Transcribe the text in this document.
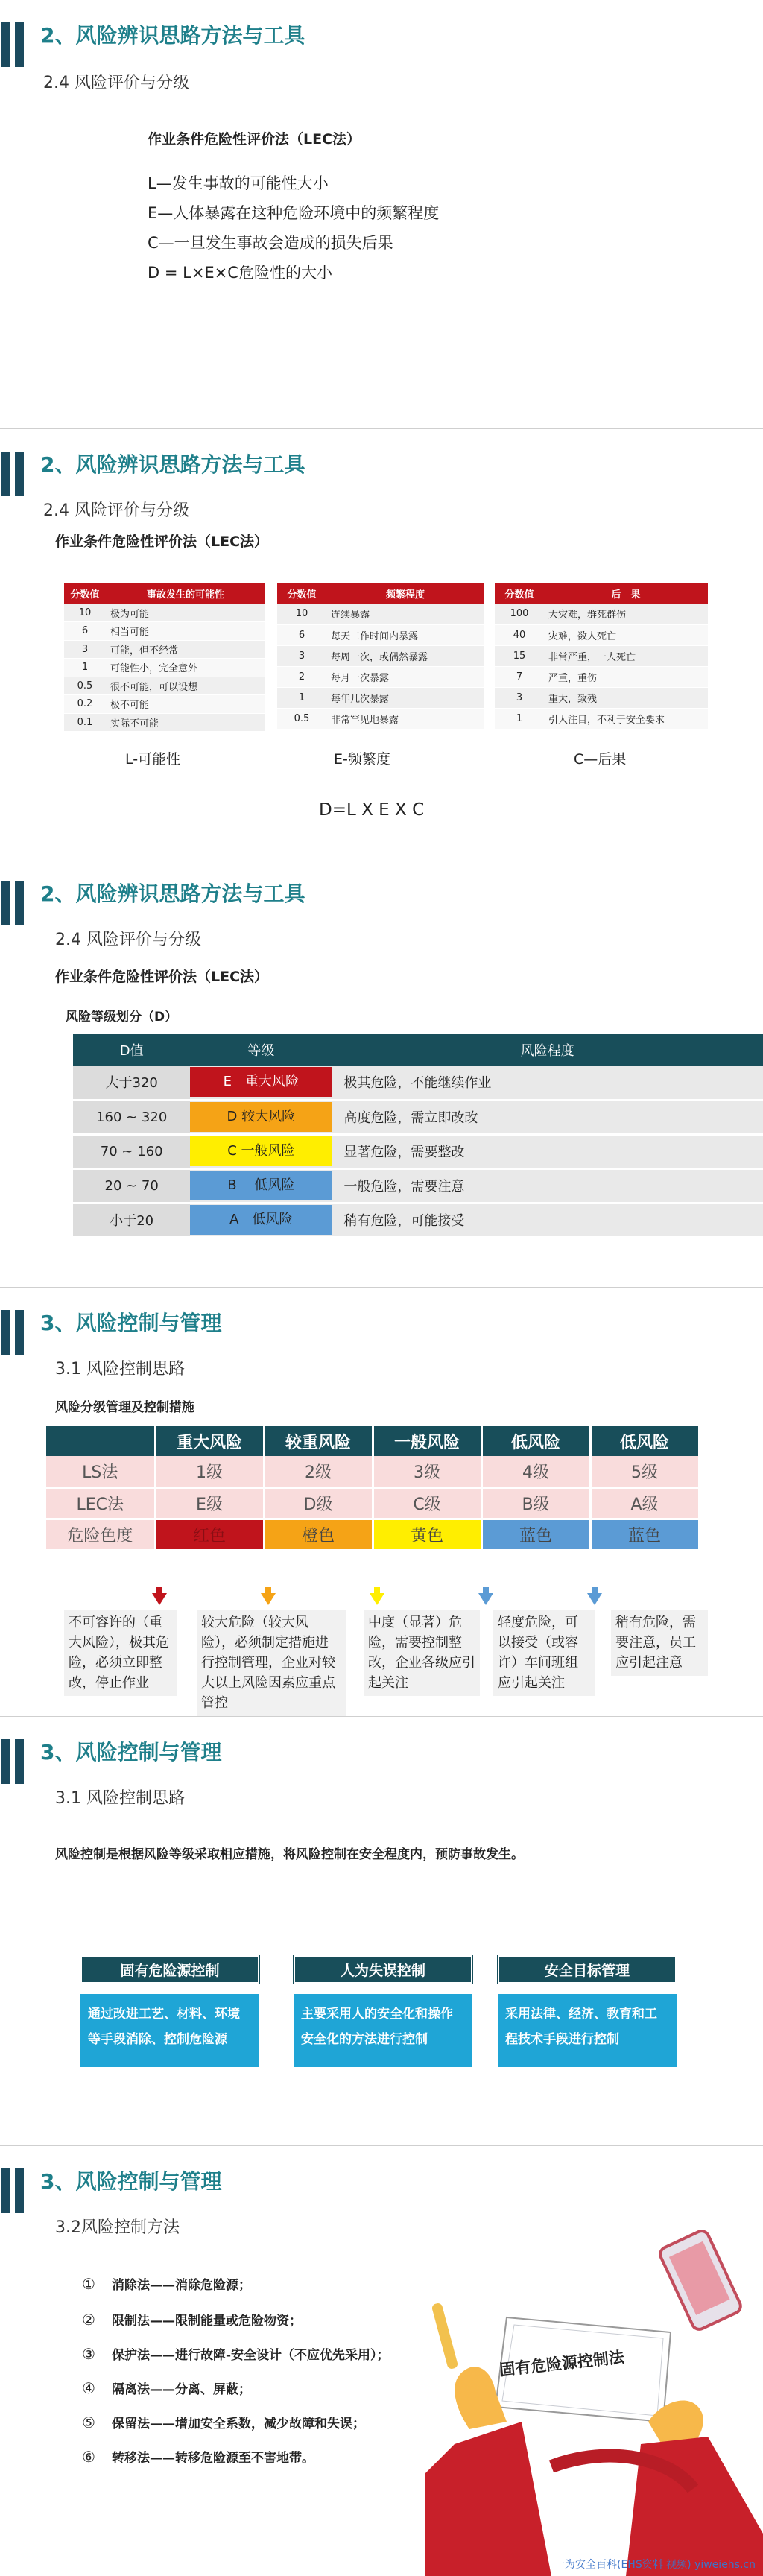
2、风险辨识思路方法与工具
2.4 风险评价与分级
作业条件危险性评价法（LEC法）
L—发生事故的可能性大小
E—人体暴露在这种危险环境中的频繁程度
C—一旦发生事故会造成的损失后果
D = L×E×C危险性的大小
2、风险辨识思路方法与工具
2.4 风险评价与分级
作业条件危险性评价法（LEC法）
分数值	事故发生的可能性
10	极为可能
6	相当可能
3	可能，但不经常
1	可能性小，完全意外
0.5	很不可能，可以设想
0.2	极不可能
0.1	实际不可能
L-可能性
分数值	频繁程度
10	连续暴露
6	每天工作时间内暴露
3	每周一次，或偶然暴露
2	每月一次暴露
1	每年几次暴露
0.5	非常罕见地暴露
E-频繁度
分数值	后　果
100	大灾难，群死群伤
40	灾难，数人死亡
15	非常严重，一人死亡
7	严重，重伤
3	重大，致残
1	引人注目，不利于安全要求
C—后果
D=L X E X C
2、风险辨识思路方法与工具
2.4 风险评价与分级
作业条件危险性评价法（LEC法）
风险等级划分（D）
D值	等级	风险程度
大于320	E　重大风险	极其危险，不能继续作业
160 ~ 320	D 较大风险	高度危险，需立即改改
70 ~ 160	C 一般风险	显著危险，需要整改
20 ~ 70	B　 低风险	一般危险，需要注意
小于20	A　低风险	稍有危险，可能接受
3、风险控制与管理
3.1 风险控制思路
风险分级管理及控制措施
	重大风险	较重风险	一般风险	低风险	低风险
LS法	1级	2级	3级	4级	5级
LEC法	E级	D级	C级	B级	A级
危险色度	红色	橙色	黄色	蓝色	蓝色
不可容许的（重大风险），极其危险，必须立即整改，停止作业
较大危险（较大风险），必须制定措施进行控制管理，企业对较大以上风险因素应重点管控
中度（显著）危险，需要控制整改，企业各级应引起关注
轻度危险，可以接受（或容许）车间班组应引起关注
稍有危险，需要注意，员工应引起注意
3、风险控制与管理
3.1 风险控制思路
风险控制是根据风险等级采取相应措施，将风险控制在安全程度内，预防事故发生。
固有危险源控制
通过改进工艺、材料、环境等手段消除、控制危险源
人为失误控制
主要采用人的安全化和操作安全化的方法进行控制
安全目标管理
采用法律、经济、教育和工程技术手段进行控制
3、风险控制与管理
3.2风险控制方法
① 消除法——消除危险源；
② 限制法——限制能量或危险物资；
③ 保护法——进行故障-安全设计（不应优先采用）；
④ 隔离法——分离、屏蔽；
⑤ 保留法——增加安全系数，减少故障和失误；
⑥ 转移法——转移危险源至不害地带。
固有危险源控制法
一为安全百科(EHS资料 视频) yiweiehs.cn
